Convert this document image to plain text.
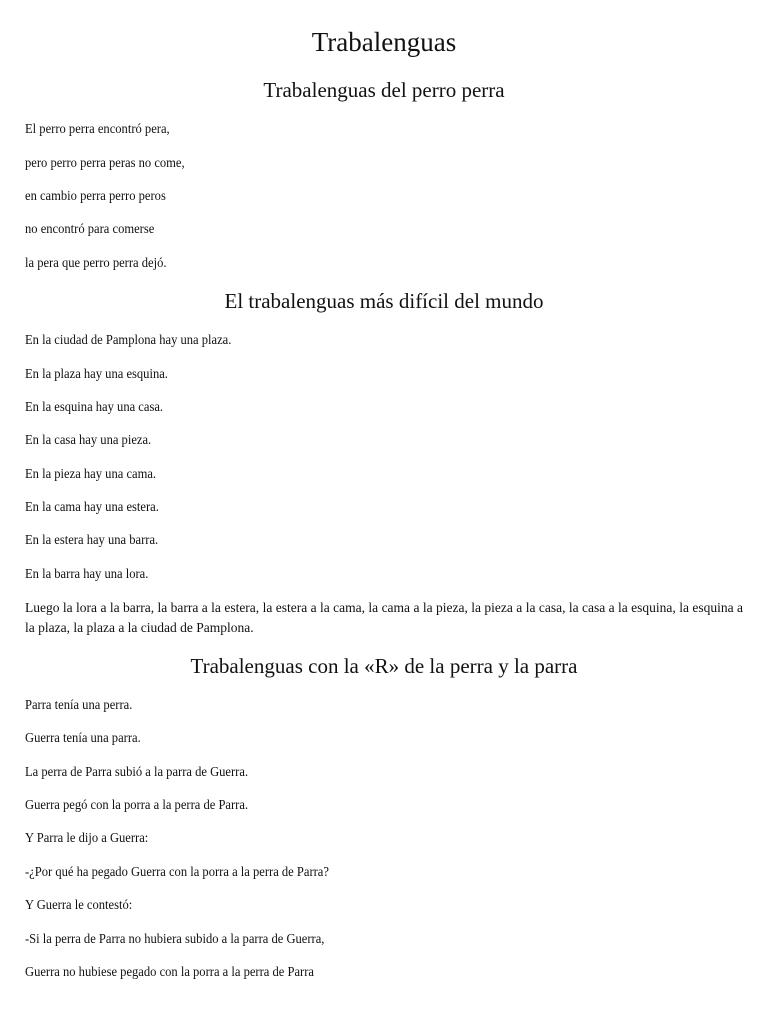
Trabalenguas
Trabalenguas del perro perra
El perro perra encontró pera,
pero perro perra peras no come,
en cambio perra perro peros
no encontró para comerse
la pera que perro perra dejó.
El trabalenguas más difícil del mundo
En la ciudad de Pamplona hay una plaza.
En la plaza hay una esquina.
En la esquina hay una casa.
En la casa hay una pieza.
En la pieza hay una cama.
En la cama hay una estera.
En la estera hay una barra.
En la barra hay una lora.
Luego la lora a la barra, la barra a la estera, la estera a la cama, la cama a la pieza, la pieza a la casa, la casa a la esquina, la esquina a la plaza, la plaza a la ciudad de Pamplona.
Trabalenguas con la «R» de la perra y la parra
Parra tenía una perra.
Guerra tenía una parra.
La perra de Parra subió a la parra de Guerra.
Guerra pegó con la porra a la perra de Parra.
Y Parra le dijo a Guerra:
-¿Por qué ha pegado Guerra con la porra a la perra de Parra?
Y Guerra le contestó:
-Si la perra de Parra no hubiera subido a la parra de Guerra,
Guerra no hubiese pegado con la porra a la perra de Parra
